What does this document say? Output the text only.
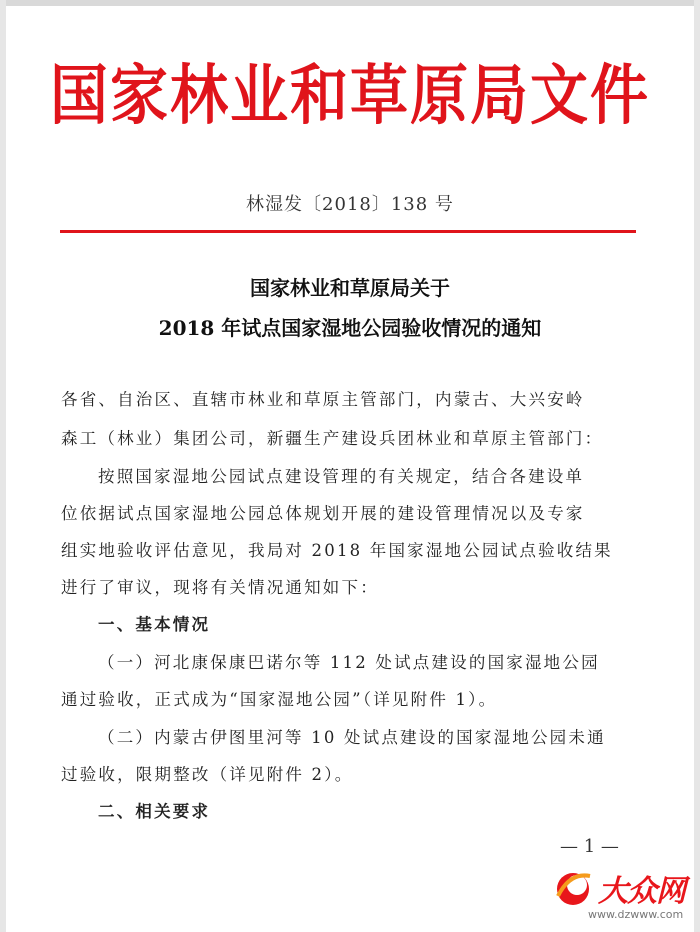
国家林业和草原局文件
林湿发〔2018〕138 号
国家林业和草原局关于
2018 年试点国家湿地公园验收情况的通知
各省、自治区、直辖市林业和草原主管部门，内蒙古、大兴安岭
森工（林业）集团公司，新疆生产建设兵团林业和草原主管部门：
按照国家湿地公园试点建设管理的有关规定，结合各建设单
位依据试点国家湿地公园总体规划开展的建设管理情况以及专家
组实地验收评估意见，我局对 2018 年国家湿地公园试点验收结果
进行了审议，现将有关情况通知如下：
一、基本情况
（一）河北康保康巴诺尔等 112 处试点建设的国家湿地公园
通过验收，正式成为“国家湿地公园”（详见附件 1）。
（二）内蒙古伊图里河等 10 处试点建设的国家湿地公园未通
过验收，限期整改（详见附件 2）。
二、相关要求
— 1 —
大众网
www.dzwww.com
